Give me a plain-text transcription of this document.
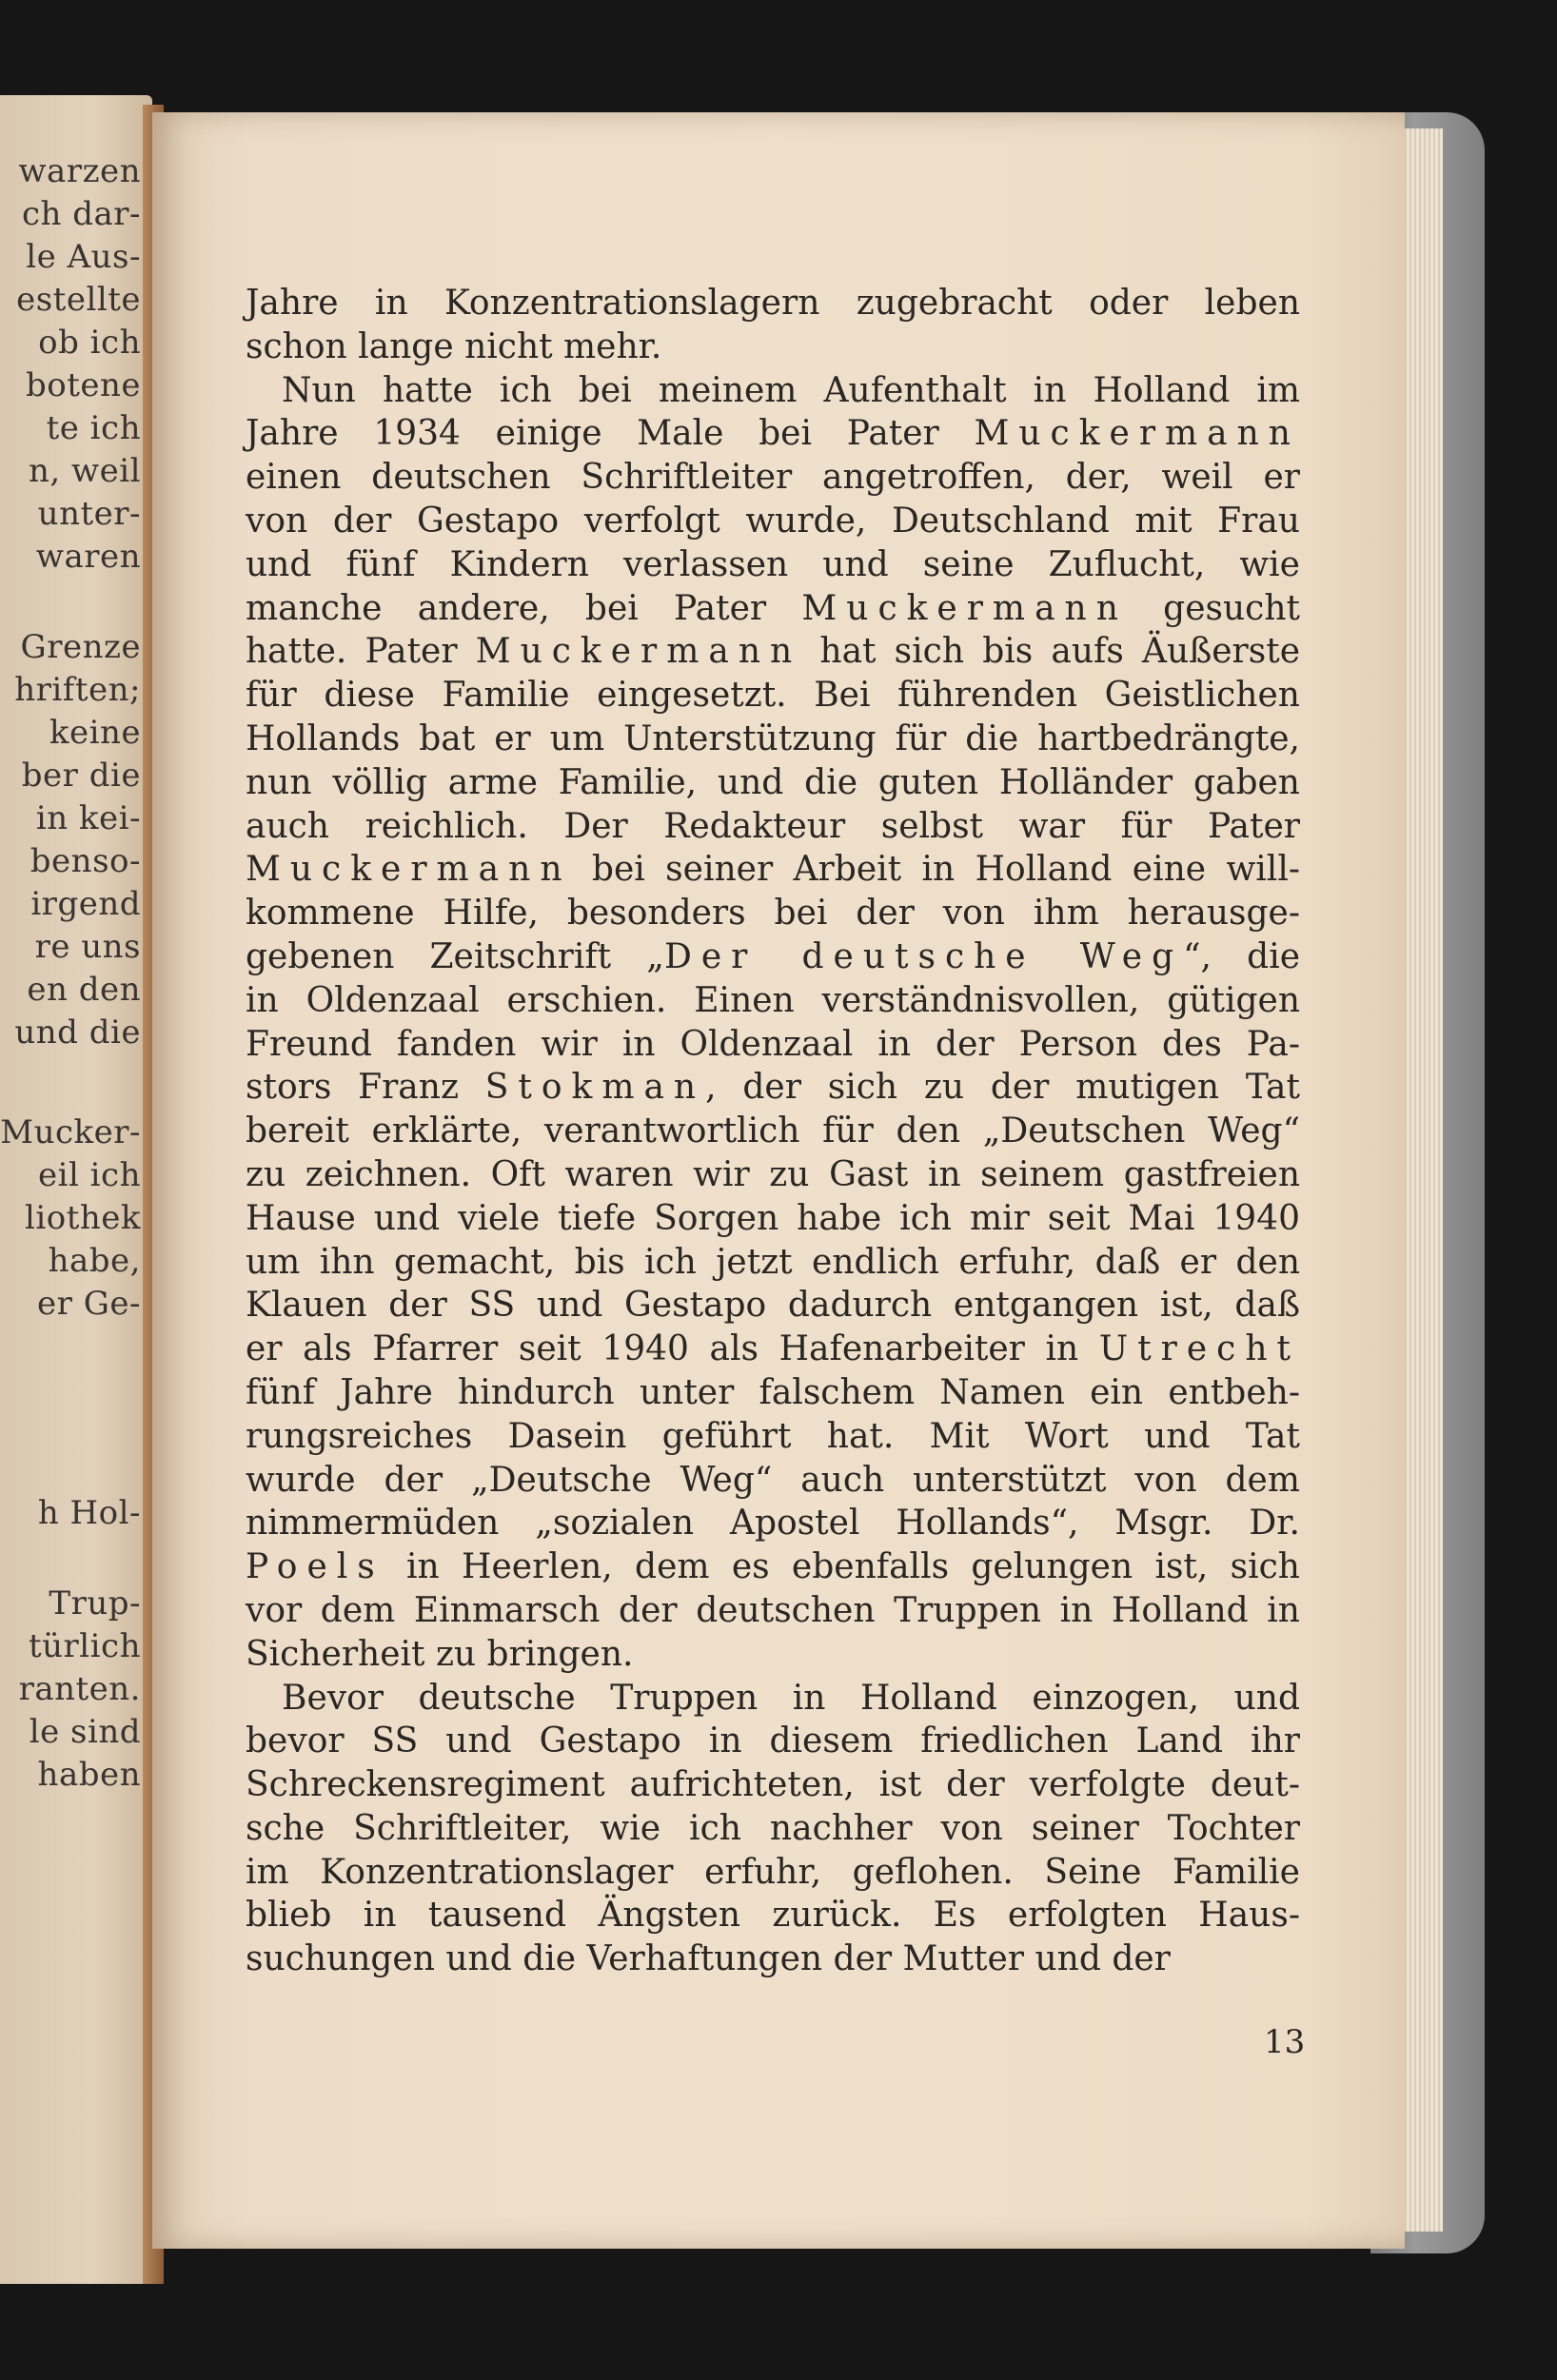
warzen
ch dar-
le Aus-
estellte
ob ich
botene
te ich
n, weil
unter-
waren
Grenze
hriften;
keine
ber die
in kei-
bensо-
irgend
re uns
en den
und die
Mucker-
eil ich
liothek
habe,
er Ge-
h Hol-
Trup-
türlich
ranten.
le sind
haben
Jahre in Konzentrationslagern zugebracht oder leben
schon lange nicht mehr.
Nun hatte ich bei meinem Aufenthalt in Holland im
Jahre 1934 einige Male bei Pater Muckermann
einen deutschen Schriftleiter angetroffen, der, weil er
von der Gestapo verfolgt wurde, Deutschland mit Frau
und fünf Kindern verlassen und seine Zuflucht, wie
manche andere, bei Pater Muckermann gesucht
hatte. Pater Muckermann hat sich bis aufs Äußerste
für diese Familie eingesetzt. Bei führenden Geistlichen
Hollands bat er um Unterstützung für die hartbedrängte,
nun völlig arme Familie, und die guten Holländer gaben
auch reichlich. Der Redakteur selbst war für Pater
Muckermann bei seiner Arbeit in Holland eine will-
kommene Hilfe, besonders bei der von ihm herausge-
gebenen Zeitschrift „Der deutsche Weg“, die
in Oldenzaal erschien. Einen verständnisvollen, gütigen
Freund fanden wir in Oldenzaal in der Person des Pa-
stors Franz Stokman, der sich zu der mutigen Tat
bereit erklärte, verantwortlich für den „Deutschen Weg“
zu zeichnen. Oft waren wir zu Gast in seinem gastfreien
Hause und viele tiefe Sorgen habe ich mir seit Mai 1940
um ihn gemacht, bis ich jetzt endlich erfuhr, daß er den
Klauen der SS und Gestapo dadurch entgangen ist, daß
er als Pfarrer seit 1940 als Hafenarbeiter in Utrecht
fünf Jahre hindurch unter falschem Namen ein entbeh-
rungsreiches Dasein geführt hat. Mit Wort und Tat
wurde der „Deutsche Weg“ auch unterstützt von dem
nimmermüden „sozialen Apostel Hollands“, Msgr. Dr.
Poels in Heerlen, dem es ebenfalls gelungen ist, sich
vor dem Einmarsch der deutschen Truppen in Holland in
Sicherheit zu bringen.
Bevor deutsche Truppen in Holland einzogen, und
bevor SS und Gestapo in diesem friedlichen Land ihr
Schreckensregiment aufrichteten, ist der verfolgte deut-
sche Schriftleiter, wie ich nachher von seiner Tochter
im Konzentrationslager erfuhr, geflohen. Seine Familie
blieb in tausend Ängsten zurück. Es erfolgten Haus-
suchungen und die Verhaftungen der Mutter und der
13
